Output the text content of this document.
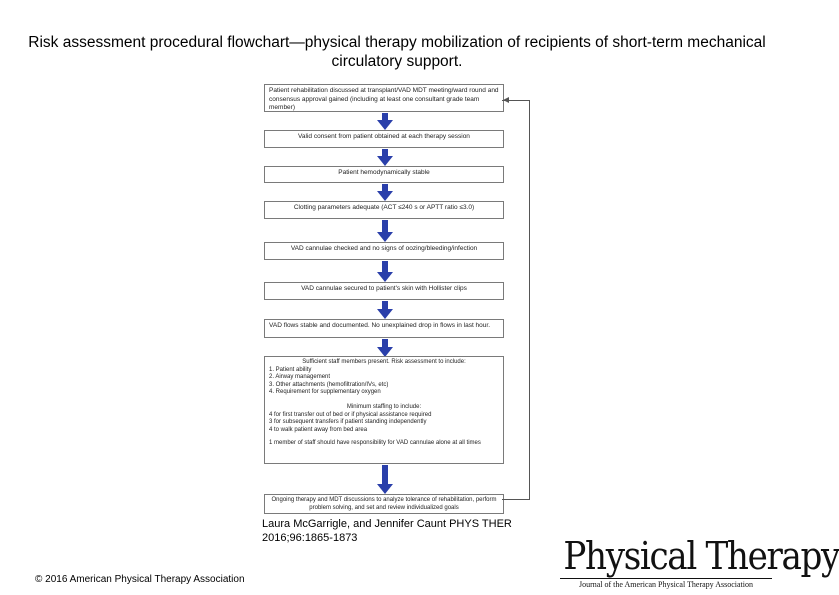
Risk assessment procedural flowchart—physical therapy mobilization of recipients of short-term mechanical circulatory support.
Patient rehabilitation discussed at transplant/VAD MDT meeting/ward round and consensus approval gained (including at least one consultant grade team member)
Valid consent from patient obtained at each therapy session
Patient hemodynamically stable
Clotting parameters adequate (ACT ≤240 s or APTT ratio ≤3.0)
VAD cannulae checked and no signs of oozing/bleeding/infection
VAD cannulae secured to patient's skin with Hollister clips
VAD flows stable and documented. No unexplained drop in flows in last hour.

Sufficient staff members present. Risk assessment to include:

1. Patient ability

2. Airway management

3. Other attachments (hemofiltration/IVs, etc)

4. Requirement for supplementary oxygen

Minimum staffing to include:

4 for first transfer out of bed or if physical assistance required

3 for subsequent transfers if patient standing independently

4 to walk patient away from bed area

1 member of staff should have responsibility for VAD cannulae alone at all times

Ongoing therapy and MDT discussions to analyze tolerance of rehabilitation, perform problem solving, and set and review individualized goals
Laura McGarrigle, and Jennifer Caunt PHYS THER
2016;96:1865-1873
© 2016 American Physical Therapy Association
Physical Therapy
Journal of the American Physical Therapy Association
